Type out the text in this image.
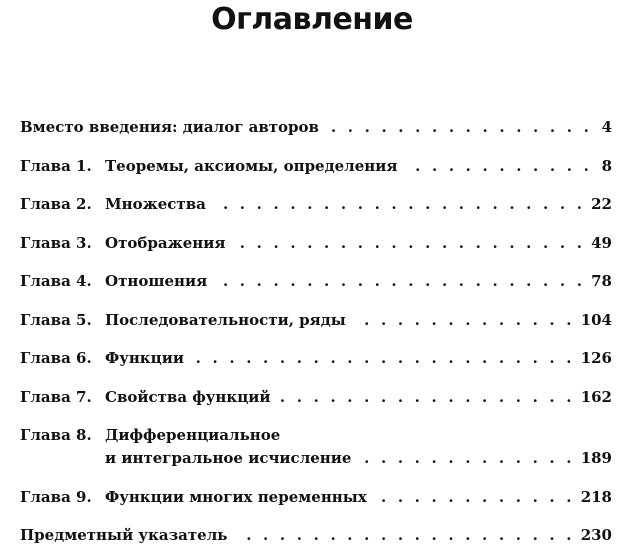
Оглавление
Вместо введения: диалог авторов . . .	4
Глава 1. Теоремы, аксиомы, определения . . .	8
Глава 2. Множества . . .	22
Глава 3. Отображения . . .	49
Глава 4. Отношения . . .	78
Глава 5. Последовательности, ряды . . .	104
Глава 6. Функции . . .	126
Глава 7. Свойства функций . . .	162
Глава 8. Дифференциальное
и интегральное исчисление . . .	189
Глава 9. Функции многих переменных . . .	218
Предметный указатель . . .	230
